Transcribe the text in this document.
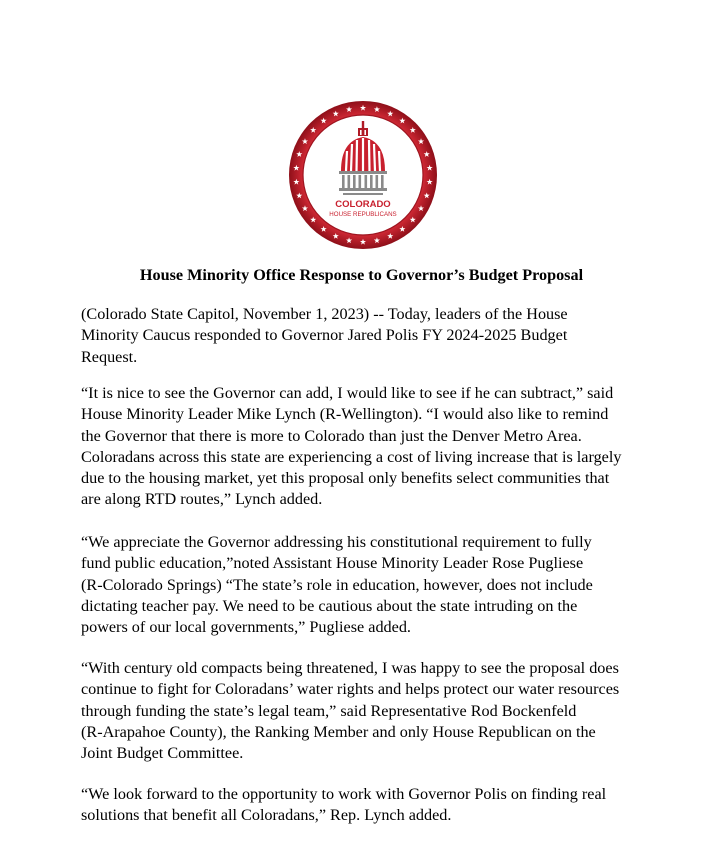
COLORADO
HOUSE REPUBLICANS
House Minority Office Response to Governor’s Budget Proposal
(Colorado State Capitol, November 1, 2023) -- Today, leaders of the House
Minority Caucus responded to Governor Jared Polis FY 2024-2025 Budget
Request.
“It is nice to see the Governor can add, I would like to see if he can subtract,” said
House Minority Leader Mike Lynch (R-Wellington). “I would also like to remind
the Governor that there is more to Colorado than just the Denver Metro Area.
Coloradans across this state are experiencing a cost of living increase that is largely
due to the housing market, yet this proposal only benefits select communities that
are along RTD routes,” Lynch added.
“We appreciate the Governor addressing his constitutional requirement to fully
fund public education,”noted Assistant House Minority Leader Rose Pugliese
(R-Colorado Springs) “The state’s role in education, however, does not include
dictating teacher pay. We need to be cautious about the state intruding on the
powers of our local governments,” Pugliese added.
“With century old compacts being threatened, I was happy to see the proposal does
continue to fight for Coloradans’ water rights and helps protect our water resources
through funding the state’s legal team,” said Representative Rod Bockenfeld
(R-Arapahoe County), the Ranking Member and only House Republican on the
Joint Budget Committee.
“We look forward to the opportunity to work with Governor Polis on finding real
solutions that benefit all Coloradans,” Rep. Lynch added.
